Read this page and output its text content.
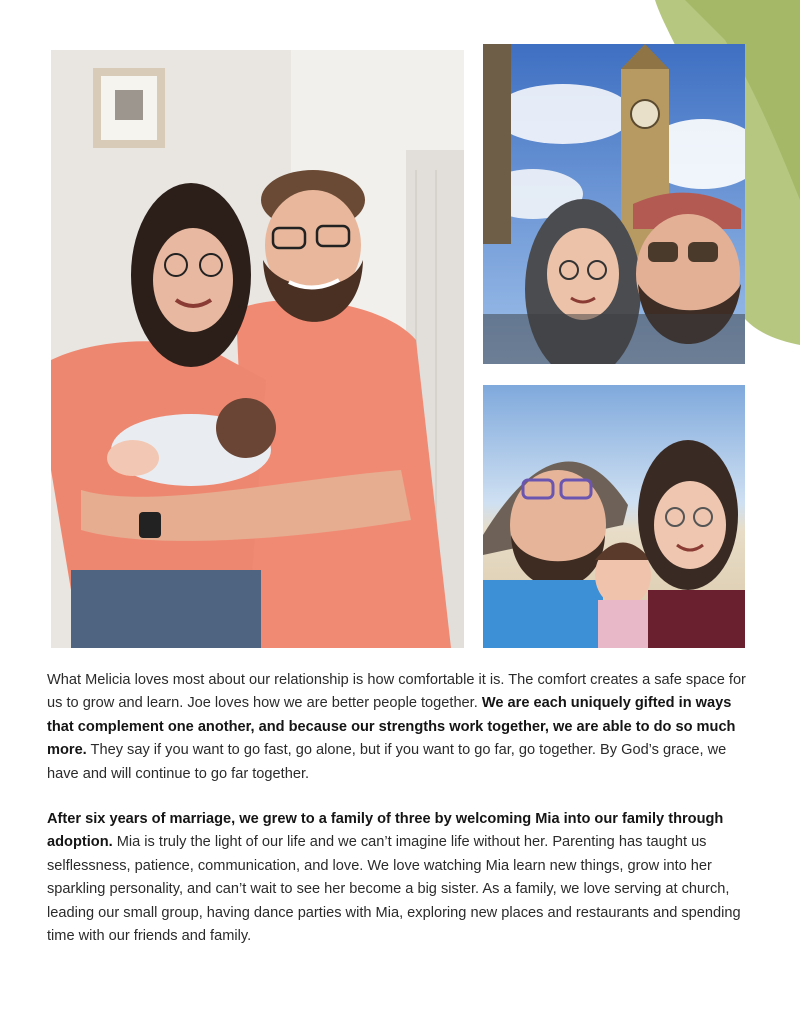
What Melicia loves most about our relationship is how comfortable it is. The comfort creates a safe space for us to grow and learn. Joe loves how we are better people together. We are each uniquely gifted in ways that complement one another, and because our strengths work together, we are able to do so much more. They say if you want to go fast, go alone, but if you want to go far, go together. By God’s grace, we have and will continue to go far together.

After six years of marriage, we grew to a family of three by welcoming Mia into our family through adoption. Mia is truly the light of our life and we can’t imagine life without her. Parenting has taught us selflessness, patience, communication, and love. We love watching Mia learn new things, grow into her sparkling personality, and can’t wait to see her become a big sister. As a family, we love serving at church, leading our small group, having dance parties with Mia, exploring new places and restaurants and spending time with our friends and family.
